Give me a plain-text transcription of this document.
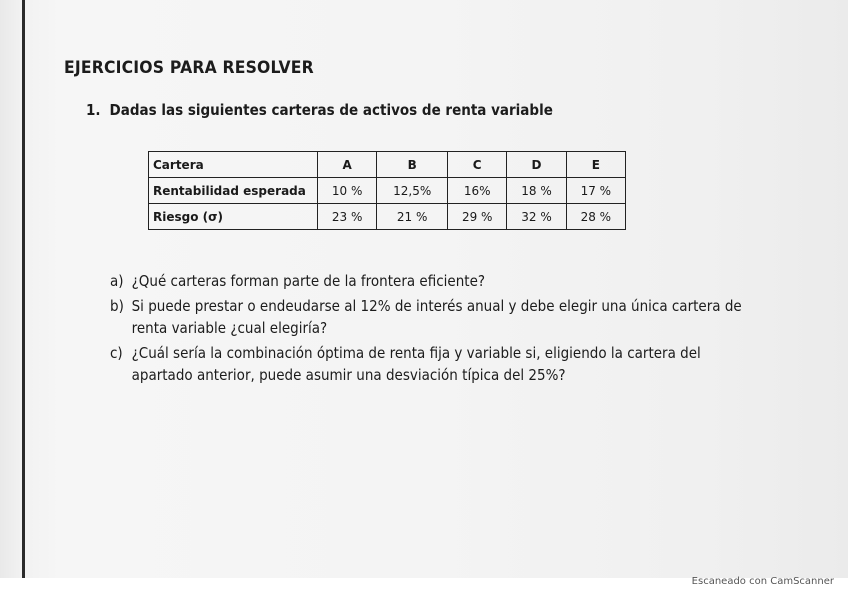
EJERCICIOS PARA RESOLVER
1. Dadas las siguientes carteras de activos de renta variable
Cartera	A	B	C	D	E
Rentabilidad esperada	10 %	12,5%	16%	18 %	17 %
Riesgo (σ)	23 %	21 %	29 %	32 %	28 %
a) ¿Qué carteras forman parte de la frontera eficiente?
b) Si puede prestar o endeudarse al 12% de interés anual y debe elegir una única cartera de renta variable ¿cual elegiría?
c) ¿Cuál sería la combinación óptima de renta fija y variable si, eligiendo la cartera del apartado anterior, puede asumir una desviación típica del 25%?
Escaneado con CamScanner
